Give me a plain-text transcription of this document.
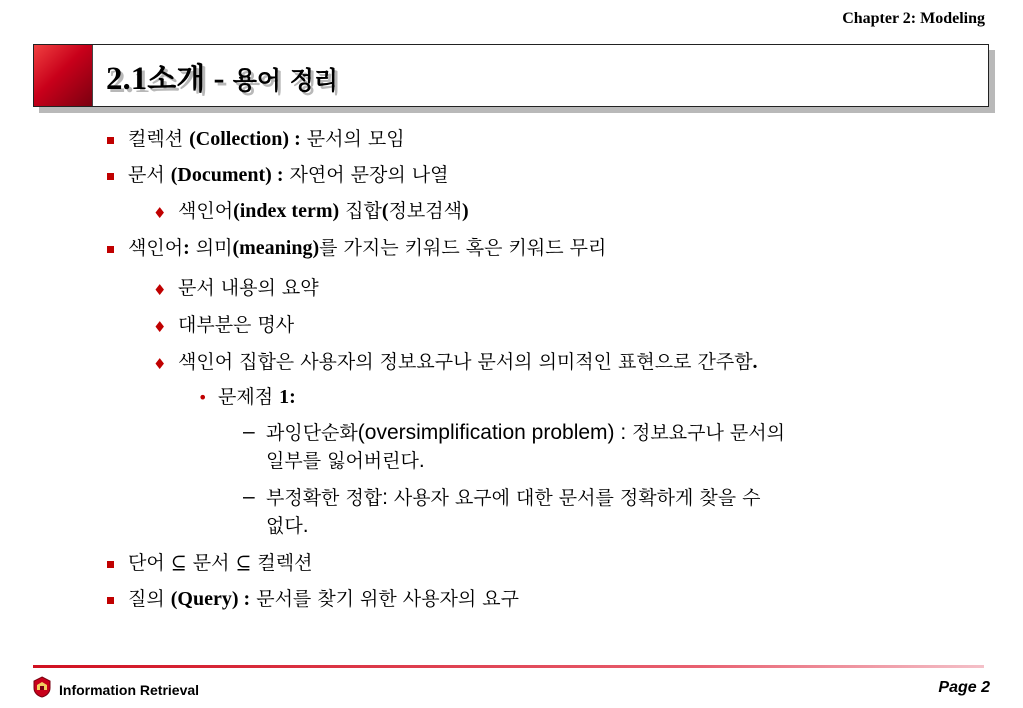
Chapter 2: Modeling
2.1소개 - 용어 정리
컬렉션 (Collection) : 문서의 모임
문서 (Document) : 자연어 문장의 나열
♦ 색인어(index term) 집합(정보검색)
색인어: 의미(meaning)를 가지는 키워드 혹은 키워드 무리
♦ 문서 내용의 요약
♦ 대부분은 명사
♦ 색인어 집합은 사용자의 정보요구나 문서의 의미적인 표현으로 간주함.
• 문제점 1:
– 과잉단순화(oversimplification problem) : 정보요구나 문서의
일부를 잃어버린다.
– 부정확한 정합: 사용자 요구에 대한 문서를 정확하게 찾을 수
없다.
단어 ⊆ 문서 ⊆ 컬렉션
질의 (Query) : 문서를 찾기 위한 사용자의 요구
Information Retrieval	Page 2
